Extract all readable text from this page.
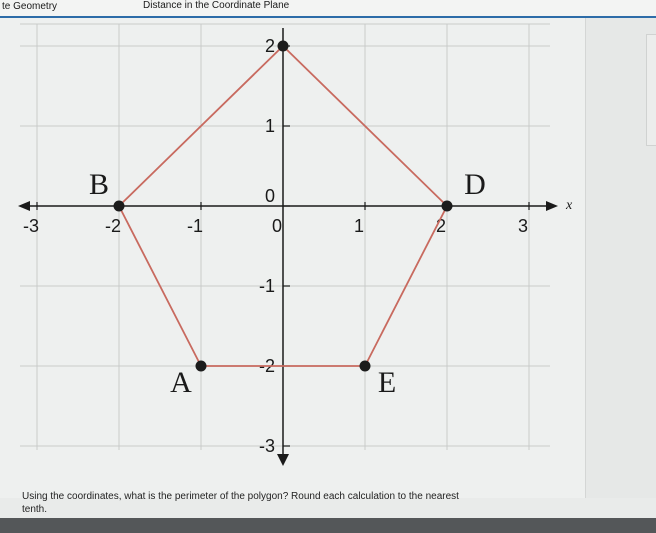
te Geometry	Distance in the Coordinate Plane
-3	-2	-1	0	1	2	3
2
1
-1
-2
-3
0	x
A
B	D
E
Using the coordinates, what is the perimeter of the polygon? Round each calculation to the nearest
tenth.
